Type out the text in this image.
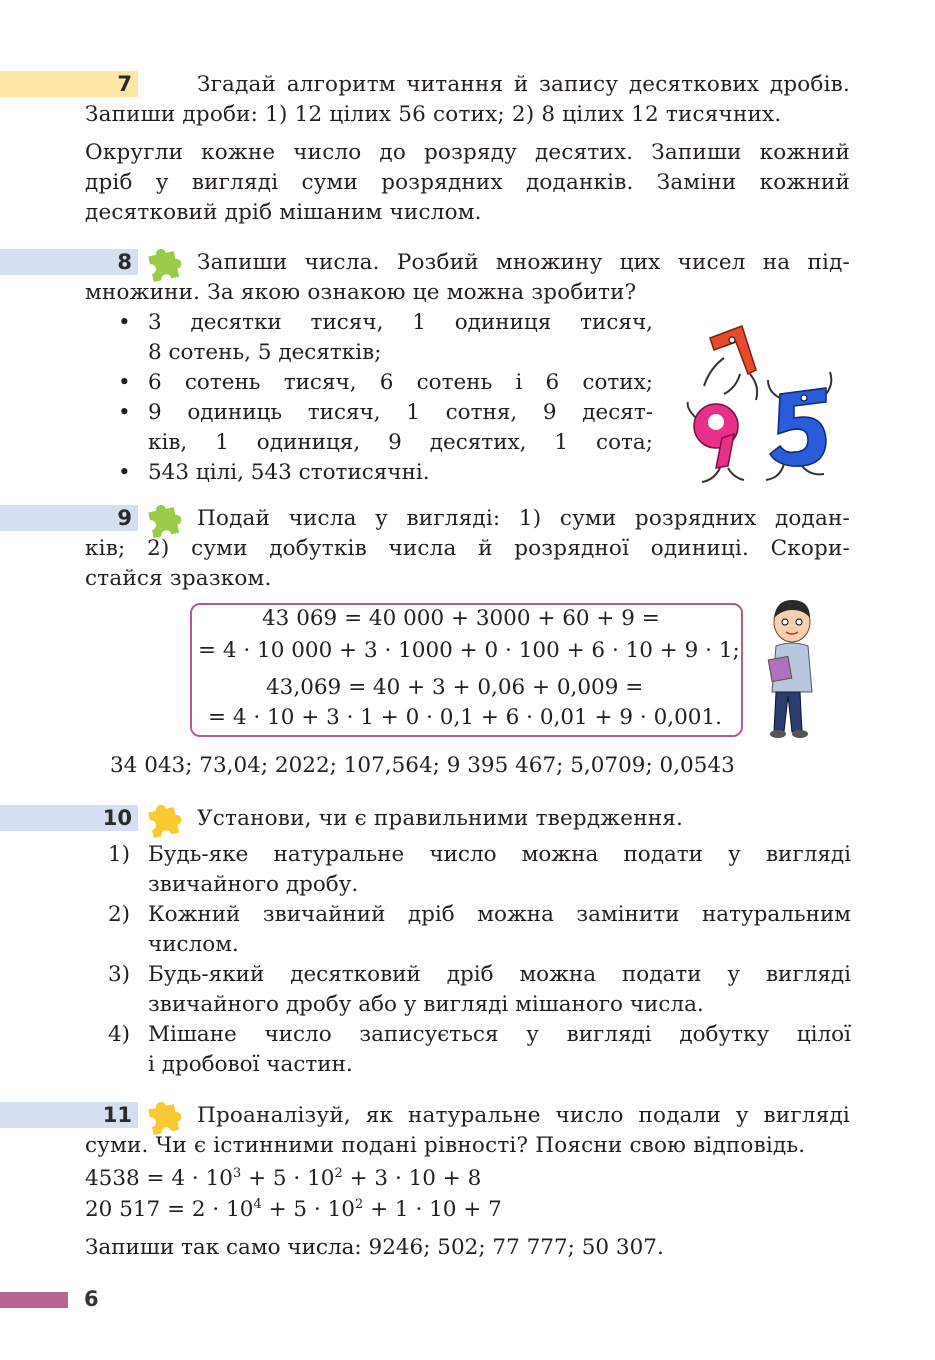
7	Згадай алгоритм читання й запису десяткових дробів.
Запиши дроби: 1) 12 цілих 56 сотих; 2) 8 цілих 12 тисячних.
Округли кожне число до розряду десятих. Запиши кожний
дріб у вигляді суми розрядних доданків. Заміни кожний
десятковий дріб мішаним числом.
8	Запиши числа. Розбий множину цих чисел на під-
множини. За якою ознакою це можна зробити?
• 3 десятки тисяч, 1 одиниця тисяч,
8 сотень, 5 десятків;
• 6 сотень тисяч, 6 сотень і 6 сотих;
• 9 одиниць тисяч, 1 сотня, 9 десят-
ків, 1 одиниця, 9 десятих, 1 сота;
• 543 цілі, 543 стотисячні.
9	Подай числа у вигляді: 1) суми розрядних додан-
ків; 2) суми добутків числа й розрядної одиниці. Скори-
стайся зразком.
43 069 = 40 000 + 3000 + 60 + 9 =
= 4 · 10 000 + 3 · 1000 + 0 · 100 + 6 · 10 + 9 · 1;
43,069 = 40 + 3 + 0,06 + 0,009 =
= 4 · 10 + 3 · 1 + 0 · 0,1 + 6 · 0,01 + 9 · 0,001.
34 043; 73,04; 2022; 107,564; 9 395 467; 5,0709; 0,0543
10	Установи, чи є правильними твердження.
1) Будь-яке натуральне число можна подати у вигляді
звичайного дробу.
2) Кожний звичайний дріб можна замінити натуральним
числом.
3) Будь-який десятковий дріб можна подати у вигляді
звичайного дробу або у вигляді мішаного числа.
4) Мішане число записується у вигляді добутку цілої
і дробової частин.
11	Проаналізуй, як натуральне число подали у вигляді
суми. Чи є істинними подані рівності? Поясни свою відповідь.
$4538 = 4 \cdot 10^3 + 5 \cdot 10^2 + 3 \cdot 10 + 8$
20 $517 = 2 \cdot 10^4 + 5 \cdot 10^2 + 1 \cdot 10 + 7$
Запиши так само числа: 9246; 502; 77 777; 50 307.
6
